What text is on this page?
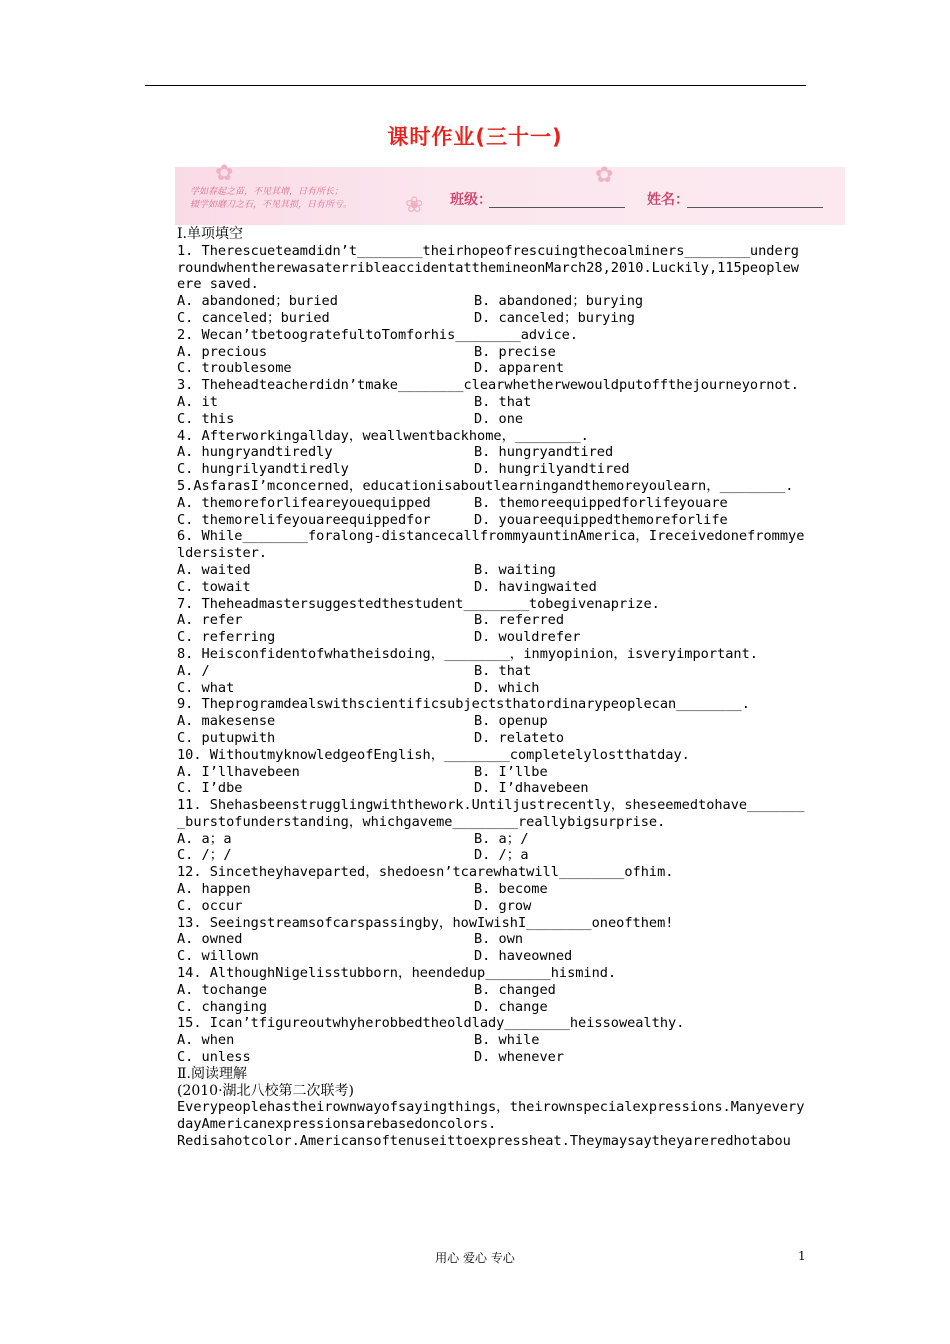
课时作业(三十一)
✿
❀
✿
学如春起之苗，不见其增，日有所长；
辍学如磨刀之石，不见其损，日有所亏。	班级：	姓名：
Ⅰ.单项填空
1. Therescueteamdidn’t________theirhopeofrescuingthecoalminers________undergroundwhentherewasaterribleaccidentatthemineonMarch28,2010.Luckily,115peoplewere saved.
A. abandoned；buried	B. abandoned；burying
C. canceled；buried	D. canceled；burying
2. Wecan’tbetoogratefultoTomforhis________advice.
A. precious	B. precise
C. troublesome	D. apparent
3. Theheadteacherdidn’tmake________clearwhetherwewouldputoffthejourneyornot.
A. it	B. that
C. this	D. one
4. Afterworkingallday，weallwentbackhome，________.
A. hungryandtiredly	B. hungryandtired
C. hungrilyandtiredly	D. hungrilyandtired
5.AsfarasI’mconcerned，educationisaboutlearningandthemoreyoulearn，________.
A. themoreforlifeareyouequipped	B. themoreequippedforlifeyouare
C. themorelifeyouareequippedfor	D. youareequippedthemoreforlife
6. While________foralong-distancecallfrommyauntinAmerica，Ireceivedonefrommyeldersister.
A. waited	B. waiting
C. towait	D. havingwaited
7. Theheadmastersuggestedthestudent________tobegivenaprize.
A. refer	B. referred
C. referring	D. wouldrefer
8. Heisconfidentofwhatheisdoing，________，inmyopinion，isveryimportant.
A. /	B. that
C. what	D. which
9. Theprogramdealswithscientificsubjectsthatordinarypeoplecan________.
A. makesense	B. openup
C. putupwith	D. relateto
10. WithoutmyknowledgeofEnglish，________completelylostthatday.
A. I’llhavebeen	B. I’llbe
C. I’dbe	D. I’dhavebeen
11. Shehasbeenstrugglingwiththework.Untiljustrecently，sheseemedtohave________burstofunderstanding，whichgaveme________reallybigsurprise.
A. a；a	B. a；/
C. /；/	D. /；a
12. Sincetheyhaveparted，shedoesn’tcarewhatwill________ofhim.
A. happen	B. become
C. occur	D. grow
13. Seeingstreamsofcarspassingby，howIwishI________oneofthem!
A. owned	B. own
C. willown	D. haveowned
14. AlthoughNigelisstubborn，heendedup________hismind.
A. tochange	B. changed
C. changing	D. change
15. Ican’tfigureoutwhyherobbedtheoldlady________heissowealthy.
A. when	B. while
C. unless	D. whenever
Ⅱ.阅读理解
(2010·湖北八校第二次联考)
Everypeoplehastheirownwayofsayingthings，theirownspecialexpressions.ManyeverydayAmericanexpressionsarebasedoncolors.
Redisahotcolor.Americansoftenuseittoexpressheat.Theymaysaytheyareredhotabou
用心 爱心 专心	1
